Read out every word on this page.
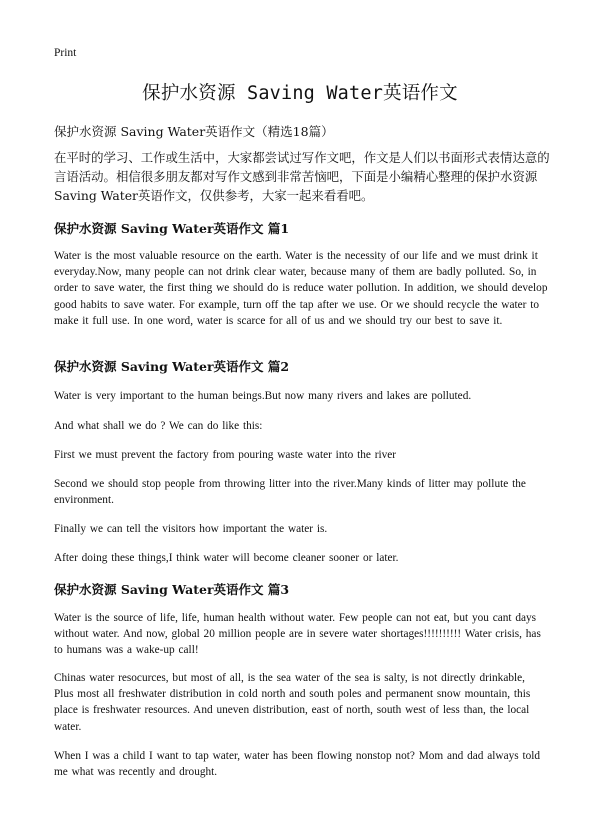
Print
保护水资源 Saving Water英语作文
保护水资源 Saving Water英语作文（精选18篇）
在平时的学习、工作或生活中，大家都尝试过写作文吧，作文是人们以书面形式表情达意的言语活动。相信很多朋友都对写作文感到非常苦恼吧，下面是小编精心整理的保护水资源 Saving Water英语作文，仅供参考，大家一起来看看吧。
保护水资源 Saving Water英语作文 篇1
Water is the most valuable resource on the earth. Water is the necessity of our life and we must drink it everyday.Now, many people can not drink clear water, because many of them are badly polluted. So, in order to save water, the first thing we should do is reduce water pollution. In addition, we should develop good habits to save water. For example, turn off the tap after we use. Or we should recycle the water to make it full use. In one word, water is scarce for all of us and we should try our best to save it.
保护水资源 Saving Water英语作文 篇2
Water is very important to the human beings.But now many rivers and lakes are polluted.
And what shall we do ? We can do like this:
First we must prevent the factory from pouring waste water into the river
Second we should stop people from throwing litter into the river.Many kinds of litter may pollute the environment.
Finally we can tell the visitors how important the water is.
After doing these things,I think water will become cleaner sooner or later.
保护水资源 Saving Water英语作文 篇3
Water is the source of life, life, human health without water. Few people can not eat, but you cant days without water. And now, global 20 million people are in severe water shortages!!!!!!!!!! Water crisis, has to humans was a wake-up call!
Chinas water resocurces, but most of all, is the sea water of the sea is salty, is not directly drinkable, Plus most all freshwater distribution in cold north and south poles and permanent snow mountain, this place is freshwater resources. And uneven distribution, east of north, south west of less than, the local water.
When I was a child I want to tap water, water has been flowing nonstop not? Mom and dad always told me what was recently and drought.
